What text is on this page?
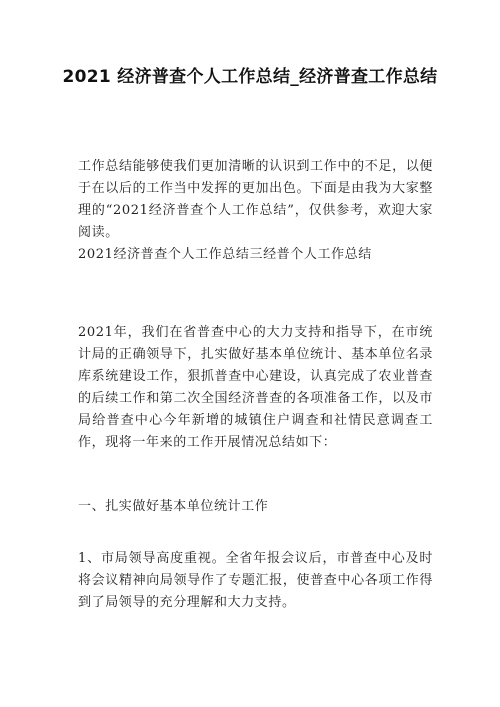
2021 经济普查个人工作总结_经济普查工作总结
工作总结能够使我们更加清晰的认识到工作中的不足，以便于在以后的工作当中发挥的更加出色。下面是由我为大家整理的“2021经济普查个人工作总结”，仅供参考，欢迎大家阅读。
2021经济普查个人工作总结三经普个人工作总结
2021年，我们在省普查中心的大力支持和指导下，在市统计局的正确领导下，扎实做好基本单位统计、基本单位名录库系统建设工作，狠抓普查中心建设，认真完成了农业普查的后续工作和第二次全国经济普查的各项准备工作，以及市局给普查中心今年新增的城镇住户调查和社情民意调查工作，现将一年来的工作开展情况总结如下：
一、扎实做好基本单位统计工作
1、市局领导高度重视。全省年报会议后，市普查中心及时将会议精神向局领导作了专题汇报，使普查中心各项工作得到了局领导的充分理解和大力支持。
